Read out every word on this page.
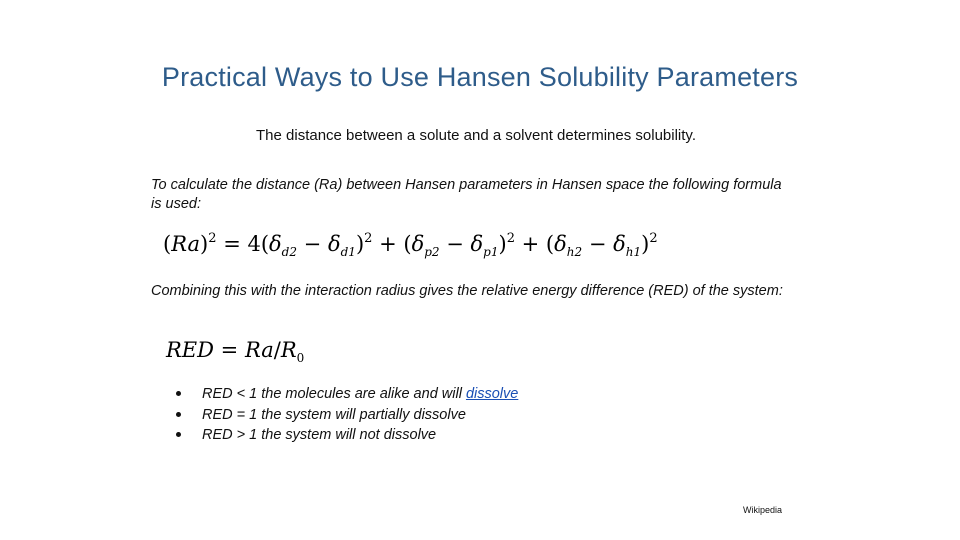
Practical Ways to Use Hansen Solubility Parameters
The distance between a solute and a solvent determines solubility.
To calculate the distance (Ra) between Hansen parameters in Hansen space the following formula is used:
$(Ra)^2 = 4(\delta_{d2} - \delta_{d1})^2 + (\delta_{p2} - \delta_{p1})^2 + (\delta_{h2} - \delta_{h1})^2$
Combining this with the interaction radius gives the relative energy difference (RED) of the system:
RED = $Ra/R_0$
RED < 1 the molecules are alike and will dissolve
RED = 1 the system will partially dissolve
RED > 1 the system will not dissolve
Wikipedia
